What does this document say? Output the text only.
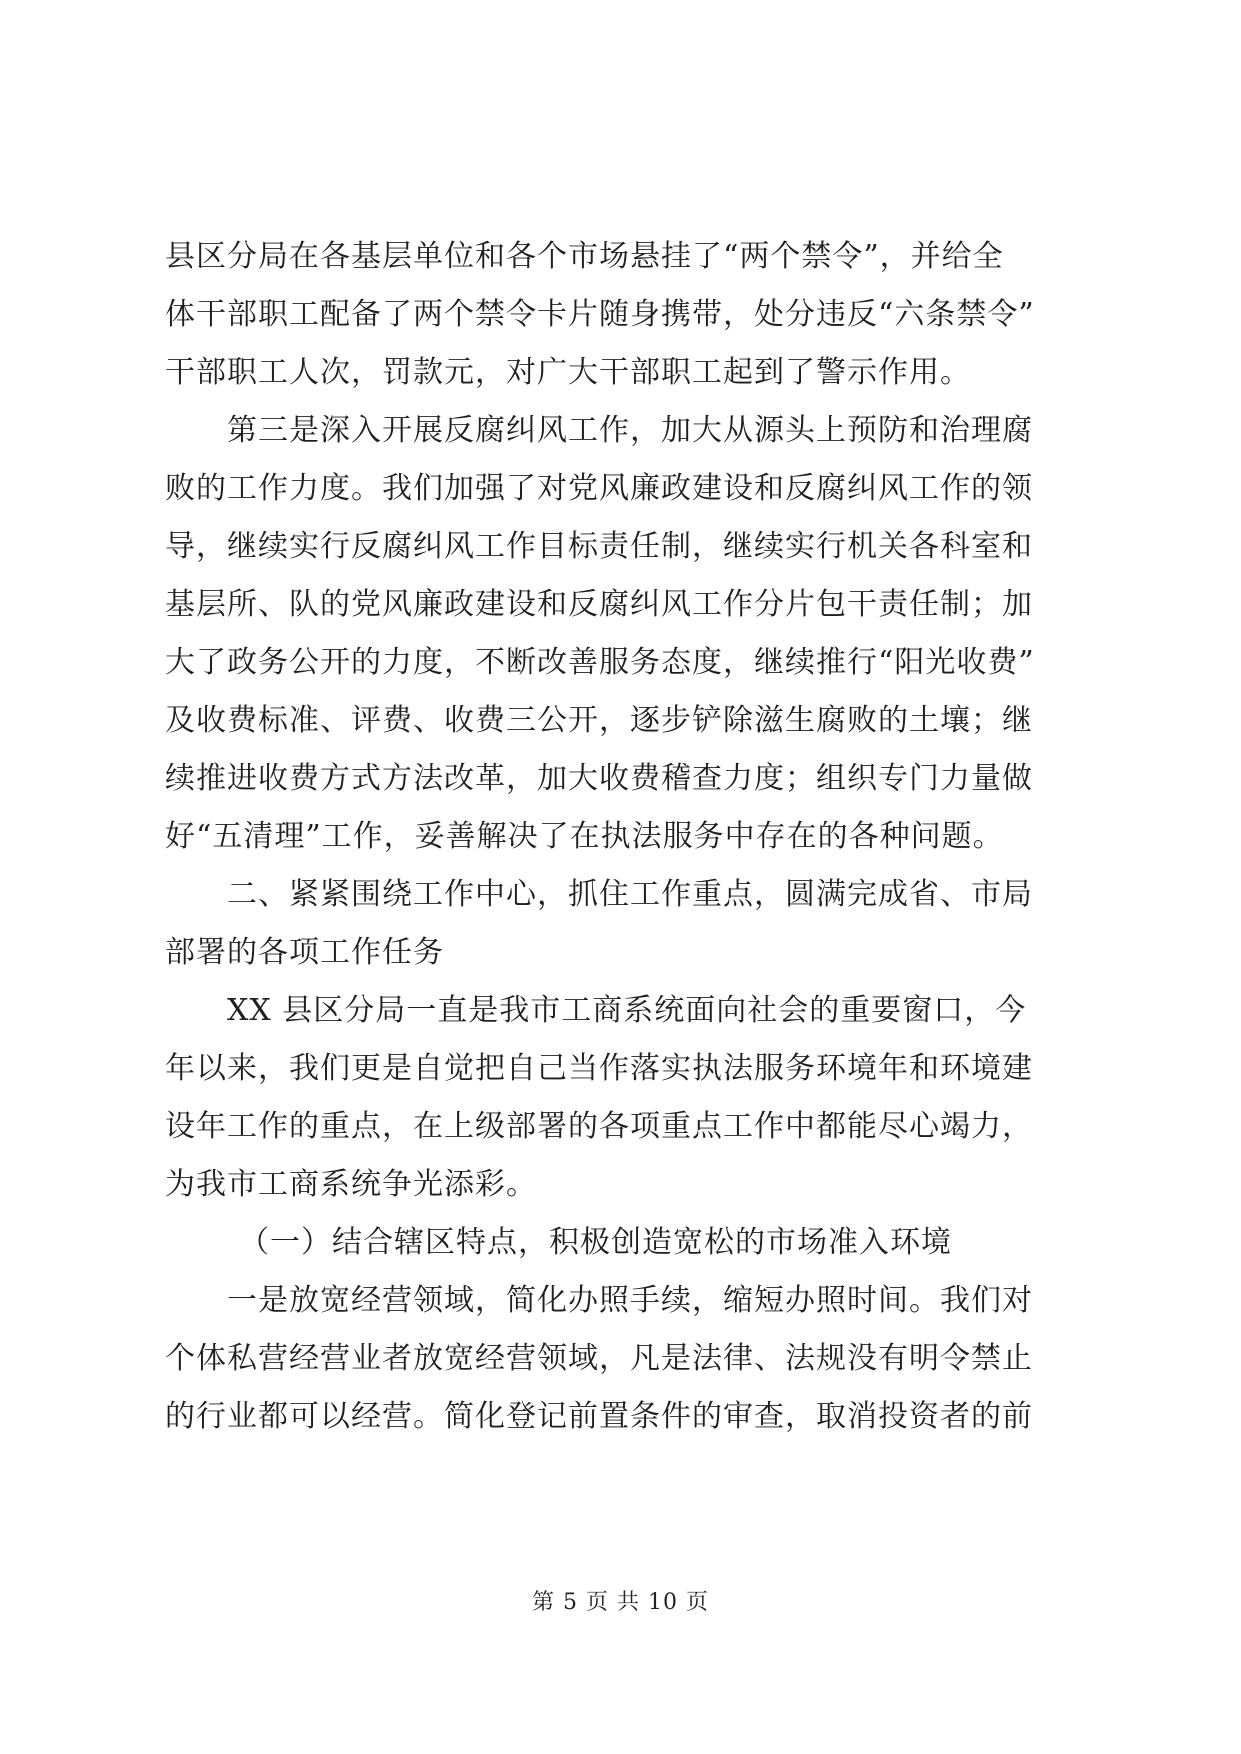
县区分局在各基层单位和各个市场悬挂了“两个禁令”，并给全
体干部职工配备了两个禁令卡片随身携带，处分违反“六条禁令”
干部职工人次，罚款元，对广大干部职工起到了警示作用。
第三是深入开展反腐纠风工作，加大从源头上预防和治理腐
败的工作力度。我们加强了对党风廉政建设和反腐纠风工作的领
导，继续实行反腐纠风工作目标责任制，继续实行机关各科室和
基层所、队的党风廉政建设和反腐纠风工作分片包干责任制；加
大了政务公开的力度，不断改善服务态度，继续推行“阳光收费”
及收费标准、评费、收费三公开，逐步铲除滋生腐败的土壤；继
续推进收费方式方法改革，加大收费稽查力度；组织专门力量做
好“五清理”工作，妥善解决了在执法服务中存在的各种问题。
二、紧紧围绕工作中心，抓住工作重点，圆满完成省、市局
部署的各项工作任务
XX 县区分局一直是我市工商系统面向社会的重要窗口，今
年以来，我们更是自觉把自己当作落实执法服务环境年和环境建
设年工作的重点，在上级部署的各项重点工作中都能尽心竭力，
为我市工商系统争光添彩。
（一）结合辖区特点，积极创造宽松的市场准入环境
一是放宽经营领域，简化办照手续，缩短办照时间。我们对
个体私营经营业者放宽经营领域，凡是法律、法规没有明令禁止
的行业都可以经营。简化登记前置条件的审查，取消投资者的前
第 5 页 共 10 页
